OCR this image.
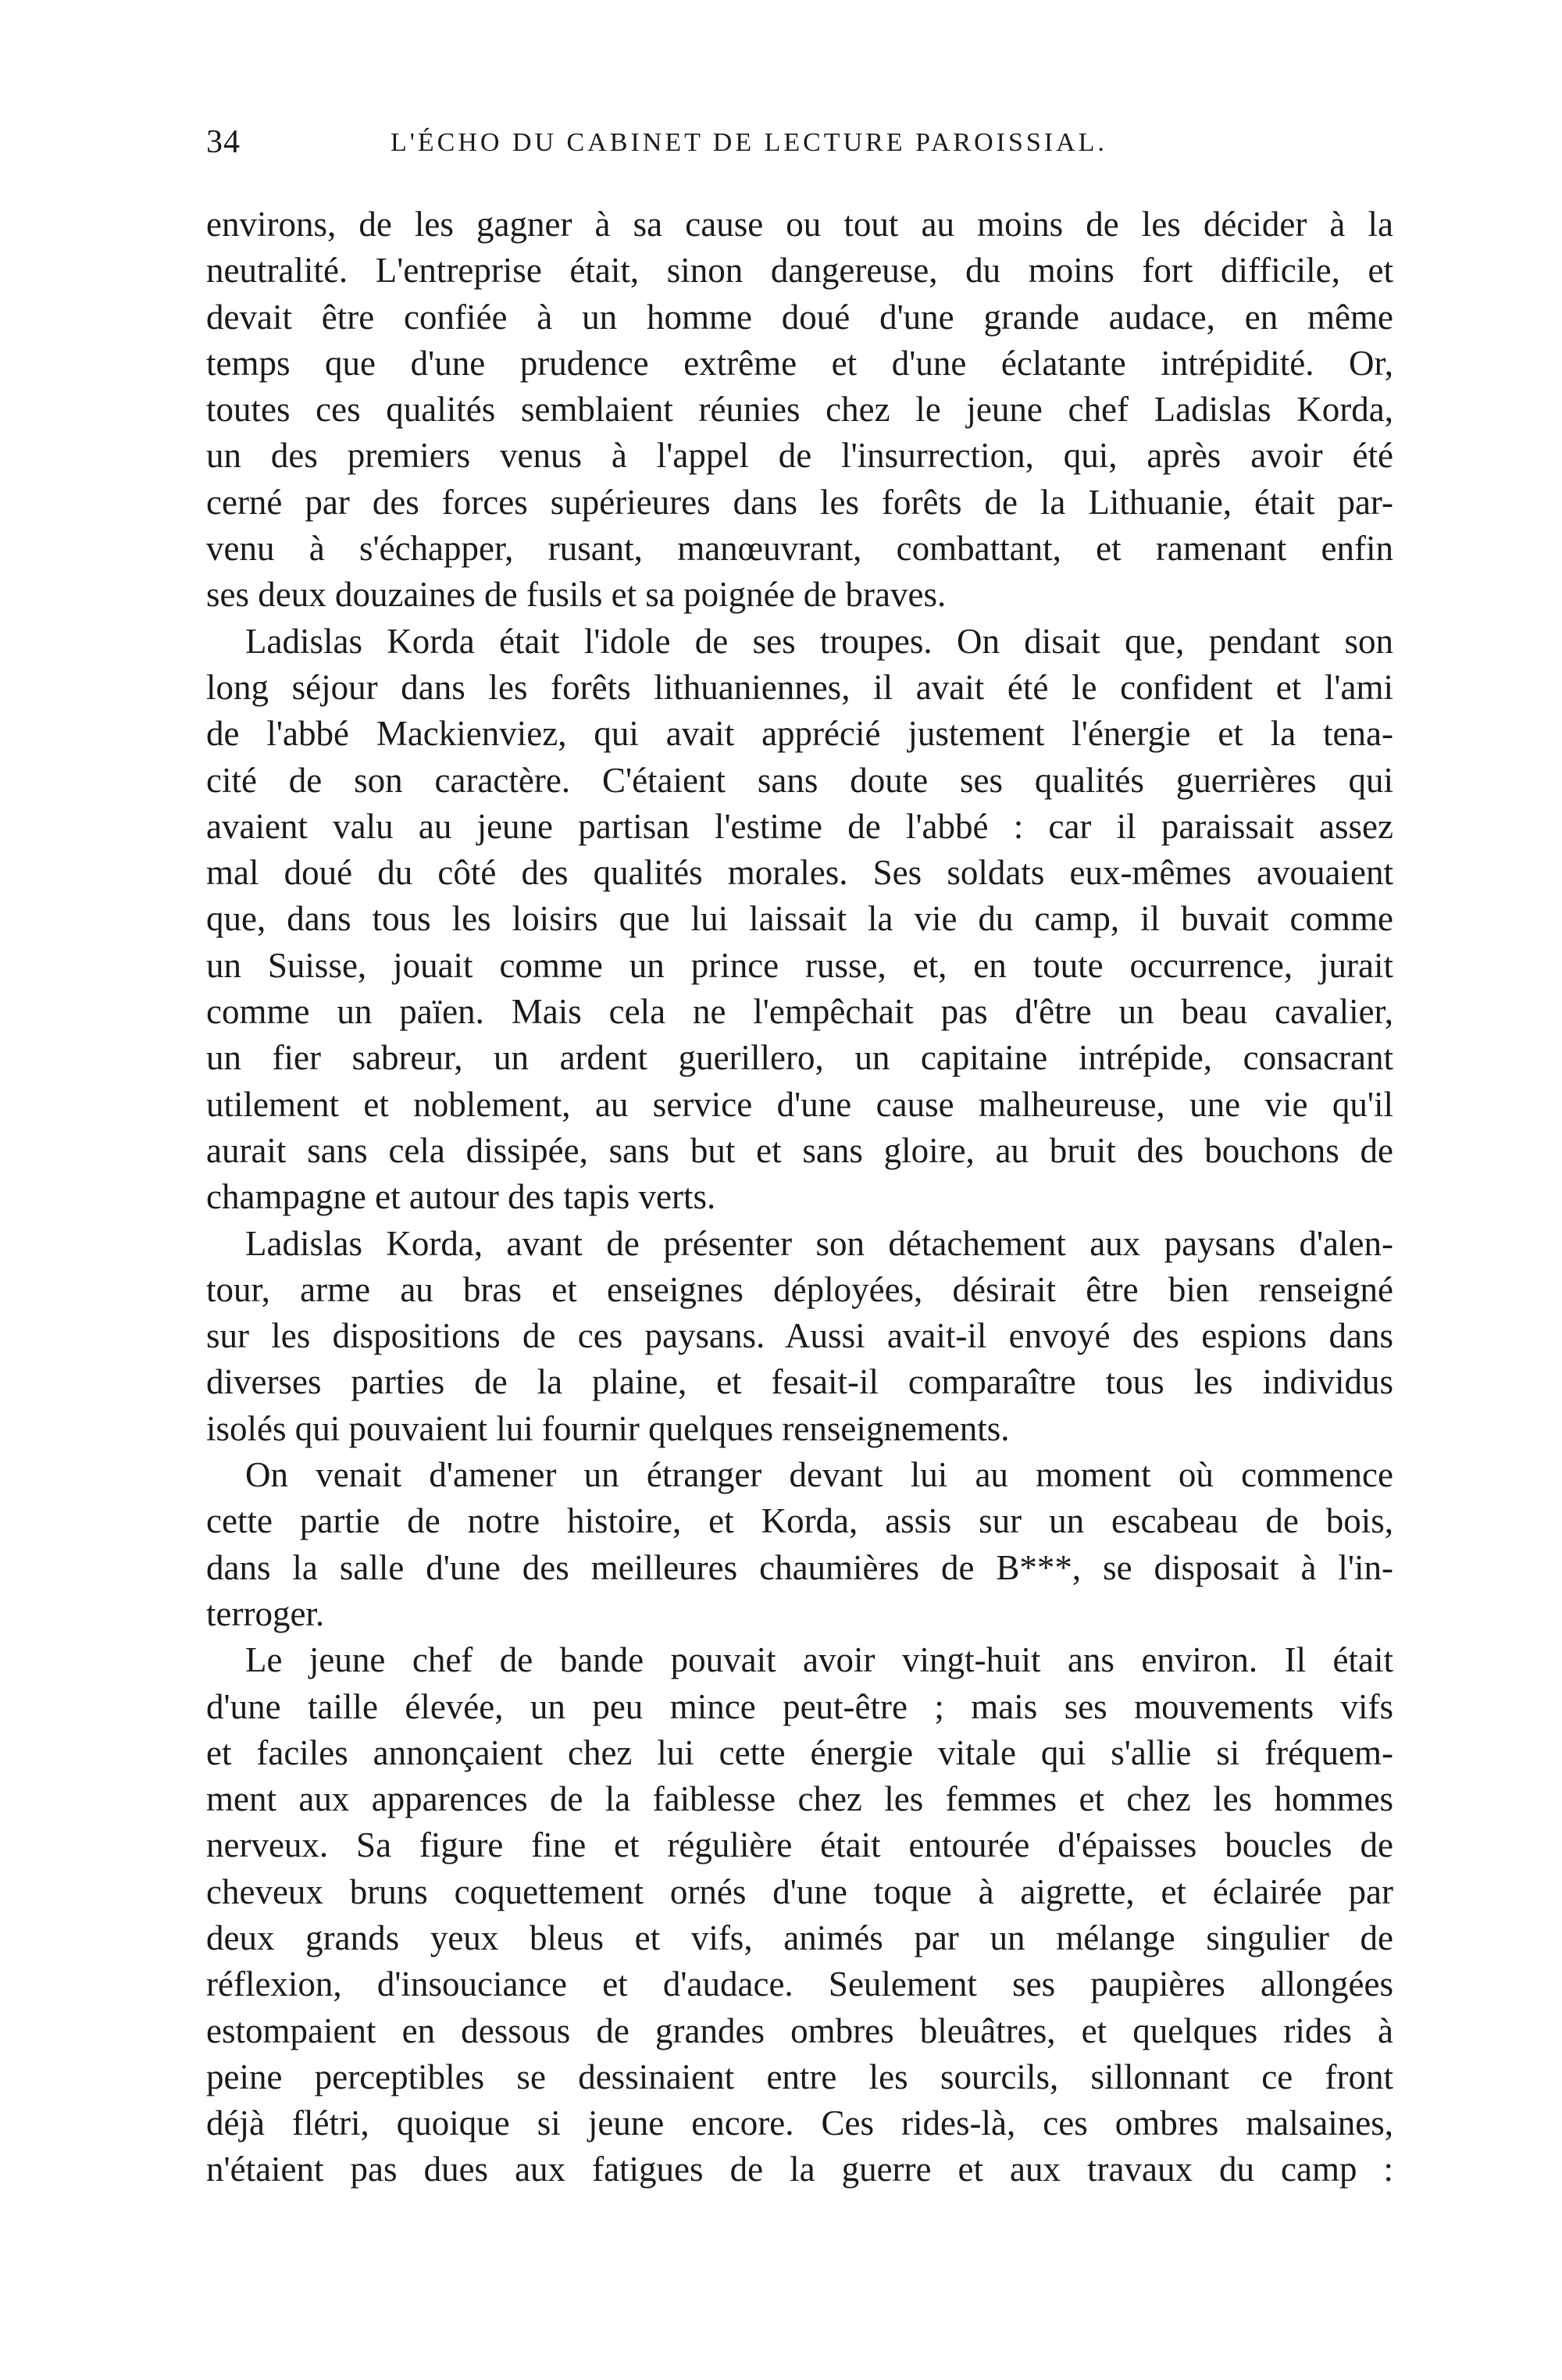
34	L'ÉCHO DU CABINET DE LECTURE PAROISSIAL.
environs, de les gagner à sa cause ou tout au moins de les décider à la
neutralité. L'entreprise était, sinon dangereuse, du moins fort difficile, et
devait être confiée à un homme doué d'une grande audace, en même
temps que d'une prudence extrême et d'une éclatante intrépidité. Or,
toutes ces qualités semblaient réunies chez le jeune chef Ladislas Korda,
un des premiers venus à l'appel de l'insurrection, qui, après avoir été
cerné par des forces supérieures dans les forêts de la Lithuanie, était par-
venu à s'échapper, rusant, manœuvrant, combattant, et ramenant enfin
ses deux douzaines de fusils et sa poignée de braves.
Ladislas Korda était l'idole de ses troupes. On disait que, pendant son
long séjour dans les forêts lithuaniennes, il avait été le confident et l'ami
de l'abbé Mackienviez, qui avait apprécié justement l'énergie et la tena-
cité de son caractère. C'étaient sans doute ses qualités guerrières qui
avaient valu au jeune partisan l'estime de l'abbé : car il paraissait assez
mal doué du côté des qualités morales. Ses soldats eux-mêmes avouaient
que, dans tous les loisirs que lui laissait la vie du camp, il buvait comme
un Suisse, jouait comme un prince russe, et, en toute occurrence, jurait
comme un païen. Mais cela ne l'empêchait pas d'être un beau cavalier,
un fier sabreur, un ardent guerillero, un capitaine intrépide, consacrant
utilement et noblement, au service d'une cause malheureuse, une vie qu'il
aurait sans cela dissipée, sans but et sans gloire, au bruit des bouchons de
champagne et autour des tapis verts.
Ladislas Korda, avant de présenter son détachement aux paysans d'alen-
tour, arme au bras et enseignes déployées, désirait être bien renseigné
sur les dispositions de ces paysans. Aussi avait-il envoyé des espions dans
diverses parties de la plaine, et fesait-il comparaître tous les individus
isolés qui pouvaient lui fournir quelques renseignements.
On venait d'amener un étranger devant lui au moment où commence
cette partie de notre histoire, et Korda, assis sur un escabeau de bois,
dans la salle d'une des meilleures chaumières de B***, se disposait à l'in-
terroger.
Le jeune chef de bande pouvait avoir vingt-huit ans environ. Il était
d'une taille élevée, un peu mince peut-être ; mais ses mouvements vifs
et faciles annonçaient chez lui cette énergie vitale qui s'allie si fréquem-
ment aux apparences de la faiblesse chez les femmes et chez les hommes
nerveux. Sa figure fine et régulière était entourée d'épaisses boucles de
cheveux bruns coquettement ornés d'une toque à aigrette, et éclairée par
deux grands yeux bleus et vifs, animés par un mélange singulier de
réflexion, d'insouciance et d'audace. Seulement ses paupières allongées
estompaient en dessous de grandes ombres bleuâtres, et quelques rides à
peine perceptibles se dessinaient entre les sourcils, sillonnant ce front
déjà flétri, quoique si jeune encore. Ces rides-là, ces ombres malsaines,
n'étaient pas dues aux fatigues de la guerre et aux travaux du camp :
